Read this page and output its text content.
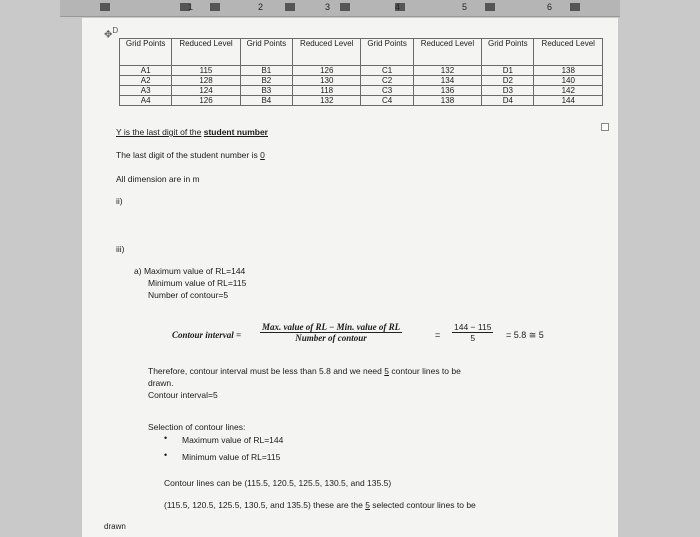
1	2	3	4	5	6
✥$^D$
Grid Points	Reduced Level	Grid Points	Reduced Level	Grid Points	Reduced Level	Grid Points	Reduced Level
A1	115	B1	126	C1	132	D1	138
A2	128	B2	130	C2	134	D2	140
A3	124	B3	118	C3	136	D3	142
A4	126	B4	132	C4	138	D4	144
Y is the last digit of the student number
The last digit of the student number is 0
All dimension are in m
ii)
iii)
a) Maximum value of RL=144
Minimum value of RL=115
Number of contour=5
Contour interval =
Max. value of RL − Min. value of RL
Number of contour	= $\frac{144 - 115}{5} = 5.8$ ≅ 5
Therefore, contour interval must be less than 5.8 and we need 5 contour lines to be
drawn.
Contour interval=5
Selection of contour lines:
• Maximum value of RL=144
• Minimum value of RL=115
Contour lines can be (115.5, 120.5, 125.5, 130.5, and 135.5)
(115.5, 120.5, 125.5, 130.5, and 135.5) these are the 5 selected contour lines to be
drawn
